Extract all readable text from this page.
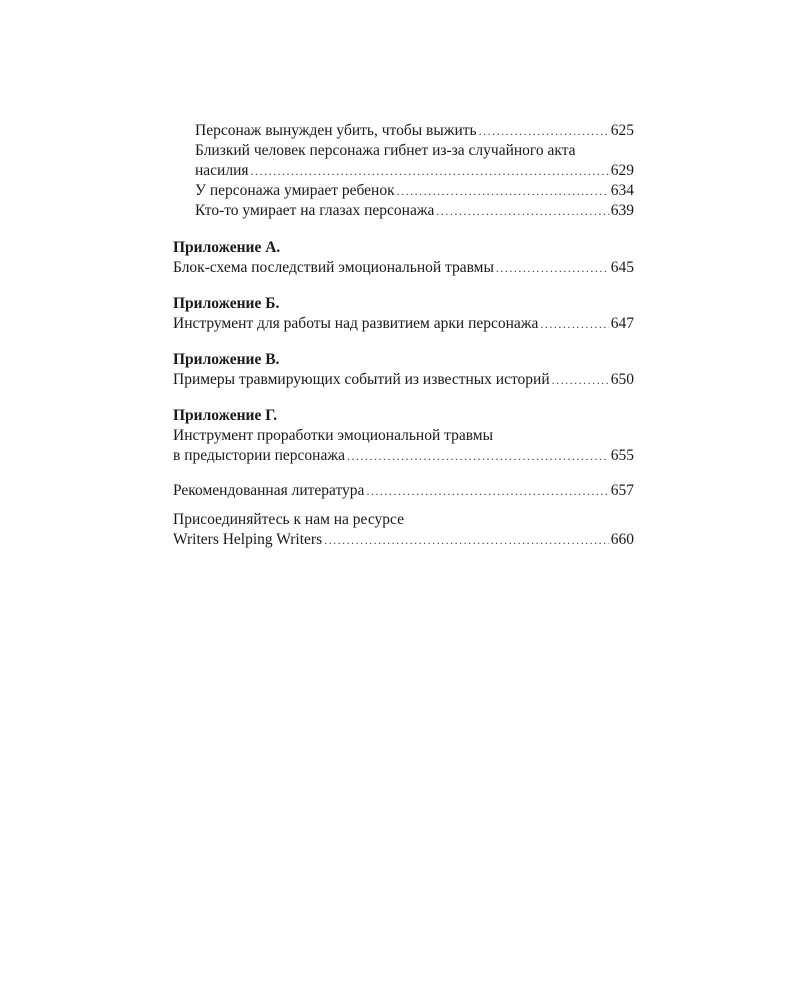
Персонаж вынужден убить, чтобы выжить .....	625
Близкий человек персонажа гибнет из-за случайного акта
насилия .....	629
У персонажа умирает ребенок .....	634
Кто-то умирает на глазах персонажа .....	639
Приложение А.
Блок-схема последствий эмоциональной травмы .....	645
Приложение Б.
Инструмент для работы над развитием арки персонажа .....	647
Приложение В.
Примеры травмирующих событий из известных историй .....	650
Приложение Г.
Инструмент проработки эмоциональной травмы
в предыстории персонажа .....	655
Рекомендованная литература .....	657
Присоединяйтесь к нам на ресурсе
Writers Helping Writers .....	660
